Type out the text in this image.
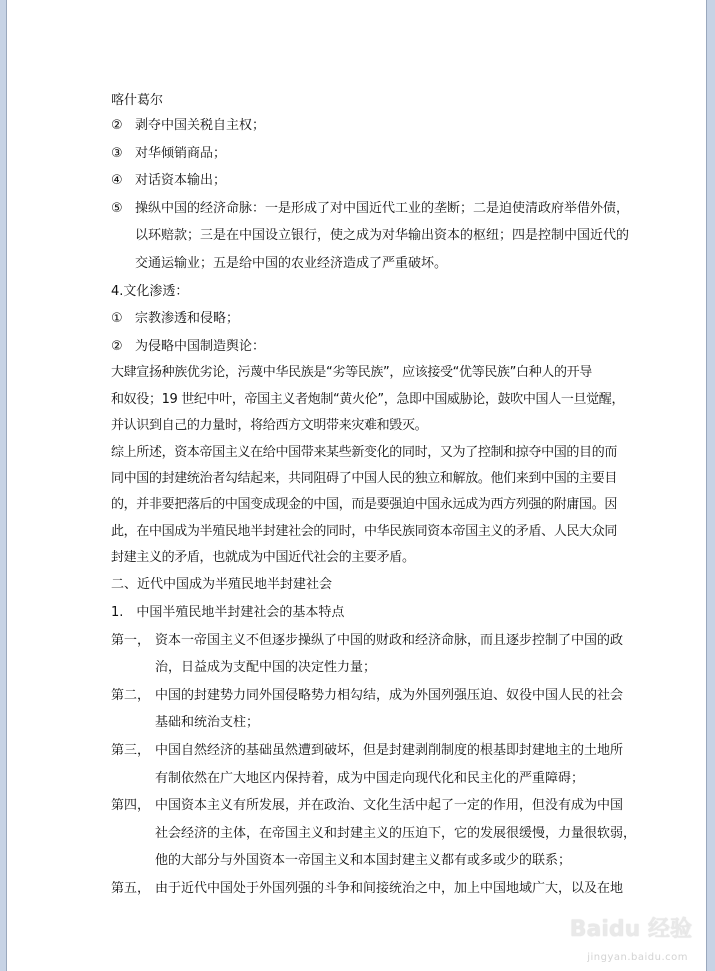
喀什葛尔
② 剥夺中国关税自主权；
③ 对华倾销商品；
④ 对话资本输出；
⑤ 操纵中国的经济命脉：一是形成了对中国近代工业的垄断；二是迫使清政府举借外债，
以环赔款；三是在中国设立银行，使之成为对华输出资本的枢纽；四是控制中国近代的
交通运输业；五是给中国的农业经济造成了严重破坏。
4.文化渗透：
① 宗教渗透和侵略；
② 为侵略中国制造舆论：
大肆宣扬种族优劣论，污蔑中华民族是“劣等民族”，应该接受“优等民族”白种人的开导
和奴役；19 世纪中叶，帝国主义者炮制“黄火伦”，急即中国威胁论，鼓吹中国人一旦觉醒，
并认识到自己的力量时，将给西方文明带来灾难和毁灭。
综上所述，资本帝国主义在给中国带来某些新变化的同时，又为了控制和掠夺中国的目的而
同中国的封建统治者勾结起来，共同阻碍了中国人民的独立和解放。他们来到中国的主要目
的，并非要把落后的中国变成现金的中国，而是要强迫中国永远成为西方列强的附庸国。因
此，在中国成为半殖民地半封建社会的同时，中华民族同资本帝国主义的矛盾、人民大众同
封建主义的矛盾，也就成为中国近代社会的主要矛盾。
二、近代中国成为半殖民地半封建社会
1.　中国半殖民地半封建社会的基本特点
第一， 资本一帝国主义不但逐步操纵了中国的财政和经济命脉，而且逐步控制了中国的政
治，日益成为支配中国的决定性力量；
第二， 中国的封建势力同外国侵略势力相勾结，成为外国列强压迫、奴役中国人民的社会
基础和统治支柱；
第三， 中国自然经济的基础虽然遭到破坏，但是封建剥削制度的根基即封建地主的土地所
有制依然在广大地区内保持着，成为中国走向现代化和民主化的严重障碍；
第四， 中国资本主义有所发展，并在政治、文化生活中起了一定的作用，但没有成为中国
社会经济的主体，在帝国主义和封建主义的压迫下，它的发展很缓慢，力量很软弱，
他的大部分与外国资本一帝国主义和本国封建主义都有或多或少的联系；
第五， 由于近代中国处于外国列强的斗争和间接统治之中，加上中国地域广大，以及在地
Baidu 经验
jingyan.baidu.com
